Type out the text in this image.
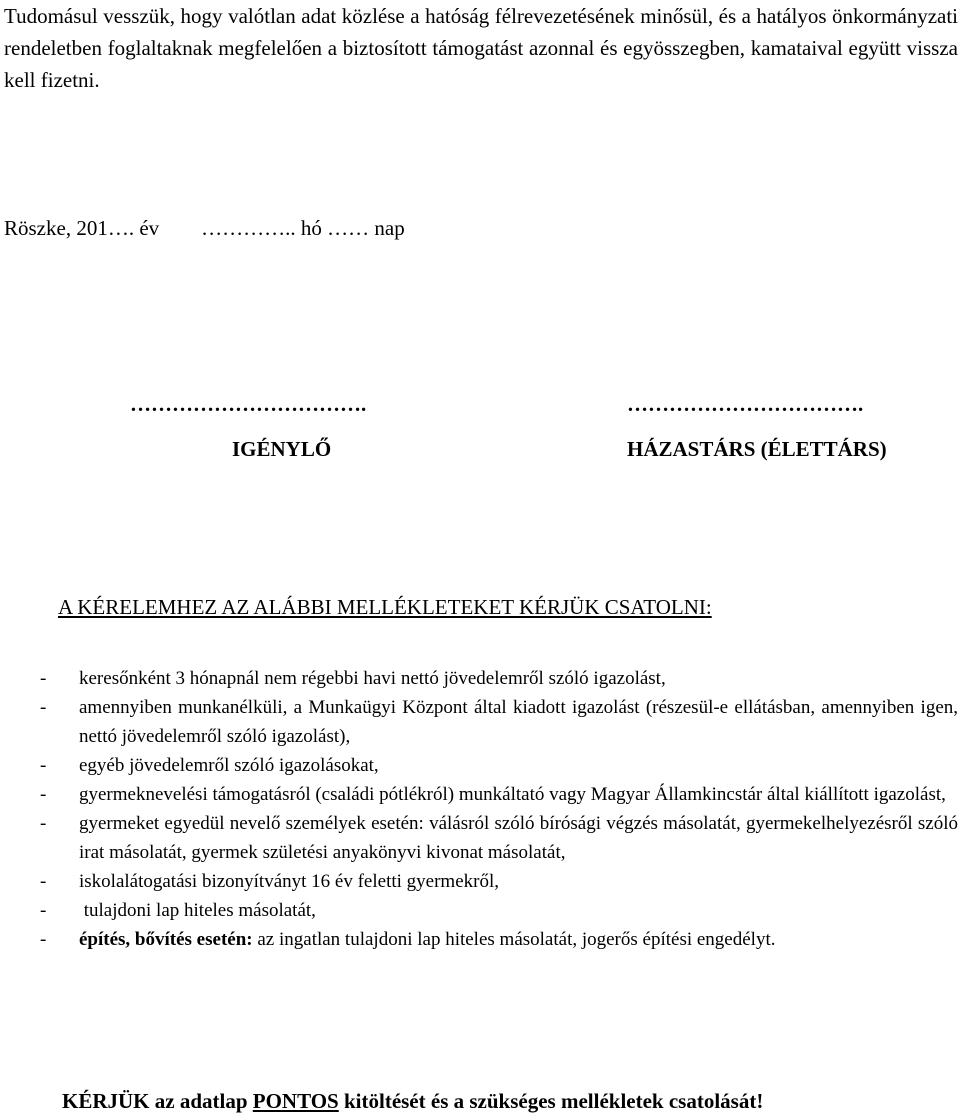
Tudomásul vesszük, hogy valótlan adat közlése a hatóság félrevezetésének minősül, és a hatályos önkormányzati rendeletben foglaltaknak megfelelően a biztosított támogatást azonnal és egyösszegben, kamataival együtt vissza kell fizetni.

Röszke, 201…. év        ………….. hó …… nap
…………………………….	…………………………….
IGÉNYLŐ	HÁZASTÁRS (ÉLETTÁRS)
A KÉRELEMHEZ AZ ALÁBBI MELLÉKLETEKET KÉRJÜK CSATOLNI:
- keresőnként 3 hónapnál nem régebbi havi nettó jövedelemről szóló igazolást,
- amennyiben munkanélküli, a Munkaügyi Központ által kiadott igazolást (részesül-e ellátásban, amennyiben igen, nettó jövedelemről szóló igazolást),
- egyéb jövedelemről szóló igazolásokat,
- gyermeknevelési támogatásról (családi pótlékról) munkáltató vagy Magyar Államkincstár által kiállított igazolást,
- gyermeket egyedül nevelő személyek esetén: válásról szóló bírósági végzés másolatát, gyermekelhelyezésről szóló irat másolatát, gyermek születési anyakönyvi kivonat másolatát,
- iskolalátogatási bizonyítványt 16 év feletti gyermekről,
- tulajdoni lap hiteles másolatát,
- építés, bővítés esetén: az ingatlan tulajdoni lap hiteles másolatát, jogerős építési engedélyt.
KÉRJÜK az adatlap PONTOS kitöltését és a szükséges mellékletek csatolását!
